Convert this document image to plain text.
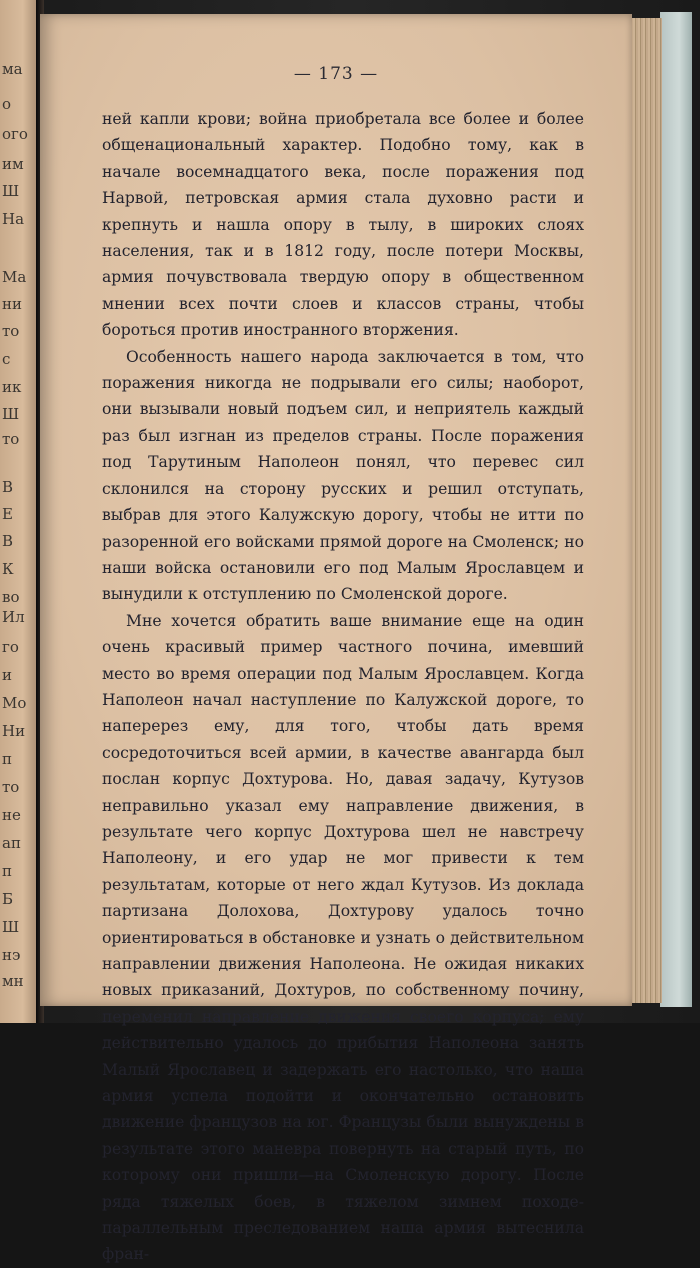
ма
о
ого
им
Ш
На
Ма
ни
то
с
ик
Ш
то
В
Е
В
К
во
Ил
го
и
Мо
Ни
п
то
не
ап
п
Б
Ш
нэ
мн
— 173 —

ней капли крови; война приобретала все более и более общенациональный характер. Подобно тому, как в начале восемнадцатого века, после поражения под Нарвой, петровская армия стала духовно расти и крепнуть и нашла опору в тылу, в широких слоях населения, так и в 1812 году, после потери Москвы, армия почувствовала твердую опору в общественном мнении всех почти слоев и классов страны, чтобы бороться против иностранного вторжения.

Особенность нашего народа заключается в том, что поражения никогда не подрывали его силы; наоборот, они вызывали новый подъем сил, и неприятель каждый раз был изгнан из пределов страны. После поражения под Тарутиным Наполеон понял, что перевес сил склонился на сторону русских и решил отступать, выбрав для этого Калужскую дорогу, чтобы не итти по разоренной его войсками прямой дороге на Смоленск; но наши войска остановили его под Малым Ярославцем и вынудили к отступлению по Смоленской дороге.

Мне хочется обратить ваше внимание еще на один очень красивый пример частного почина, имевший место во время операции под Малым Ярославцем. Когда Наполеон начал наступление по Калужской дороге, то наперерез ему, для того, чтобы дать время сосредоточиться всей армии, в качестве авангарда был послан корпус Дохтурова. Но, давая задачу, Кутузов неправильно указал ему направление движения, в результате чего корпус Дохтурова шел не навстречу Наполеону, и его удар не мог привести к тем результатам, которые от него ждал Кутузов. Из доклада партизана Долохова, Дохтурову удалось точно ориентироваться в обстановке и узнать о действительном направлении движения Наполеона. Не ожидая никаких новых приказаний, Дохтуров, по собственному почину, переменил направление движения своего корпуса; ему действительно удалось до прибытия Наполеона занять Малый Ярославец и задержать его настолько, что наша армия успела подойти и окончательно остановить движение французов на юг. Французы были вынуждены в результате этого маневра повернуть на старый путь, по которому они пришли—на Смоленскую дорогу. После ряда тяжелых боев, в тяжелом зимнем походе-параллельным преследованием наша армия вытеснила фран-
